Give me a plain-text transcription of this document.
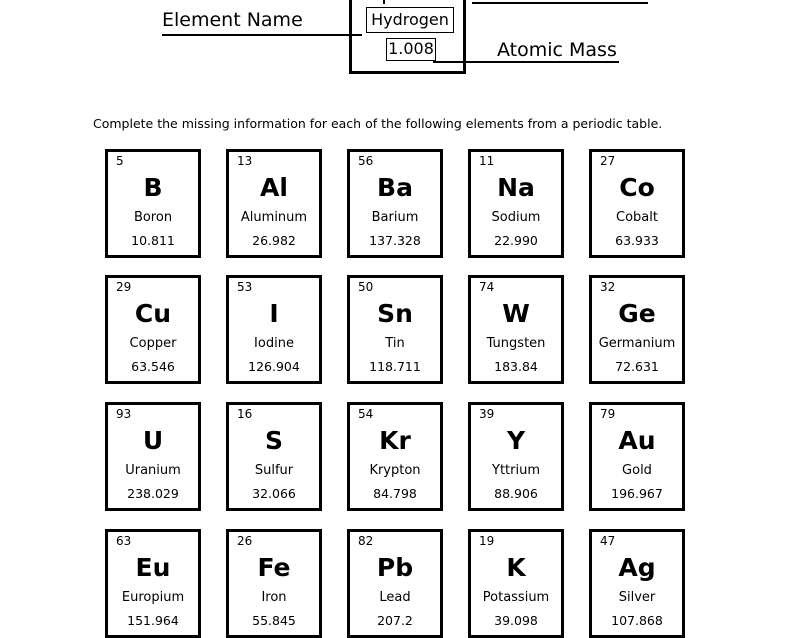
Hydrogen
1.008
Element Name
Atomic Mass
Complete the missing information for each of the following elements from a periodic table.
5
B
Boron
10.811
13
Al
Aluminum
26.982
56
Ba
Barium
137.328
11
Na
Sodium
22.990
27
Co
Cobalt
63.933
29
Cu
Copper
63.546
53
I
Iodine
126.904
50
Sn
Tin
118.711
74
W
Tungsten
183.84
32
Ge
Germanium
72.631
93
U
Uranium
238.029
16
S
Sulfur
32.066
54
Kr
Krypton
84.798
39
Y
Yttrium
88.906
79
Au
Gold
196.967
63
Eu
Europium
151.964
26
Fe
Iron
55.845
82
Pb
Lead
207.2
19
K
Potassium
39.098
47
Ag
Silver
107.868
